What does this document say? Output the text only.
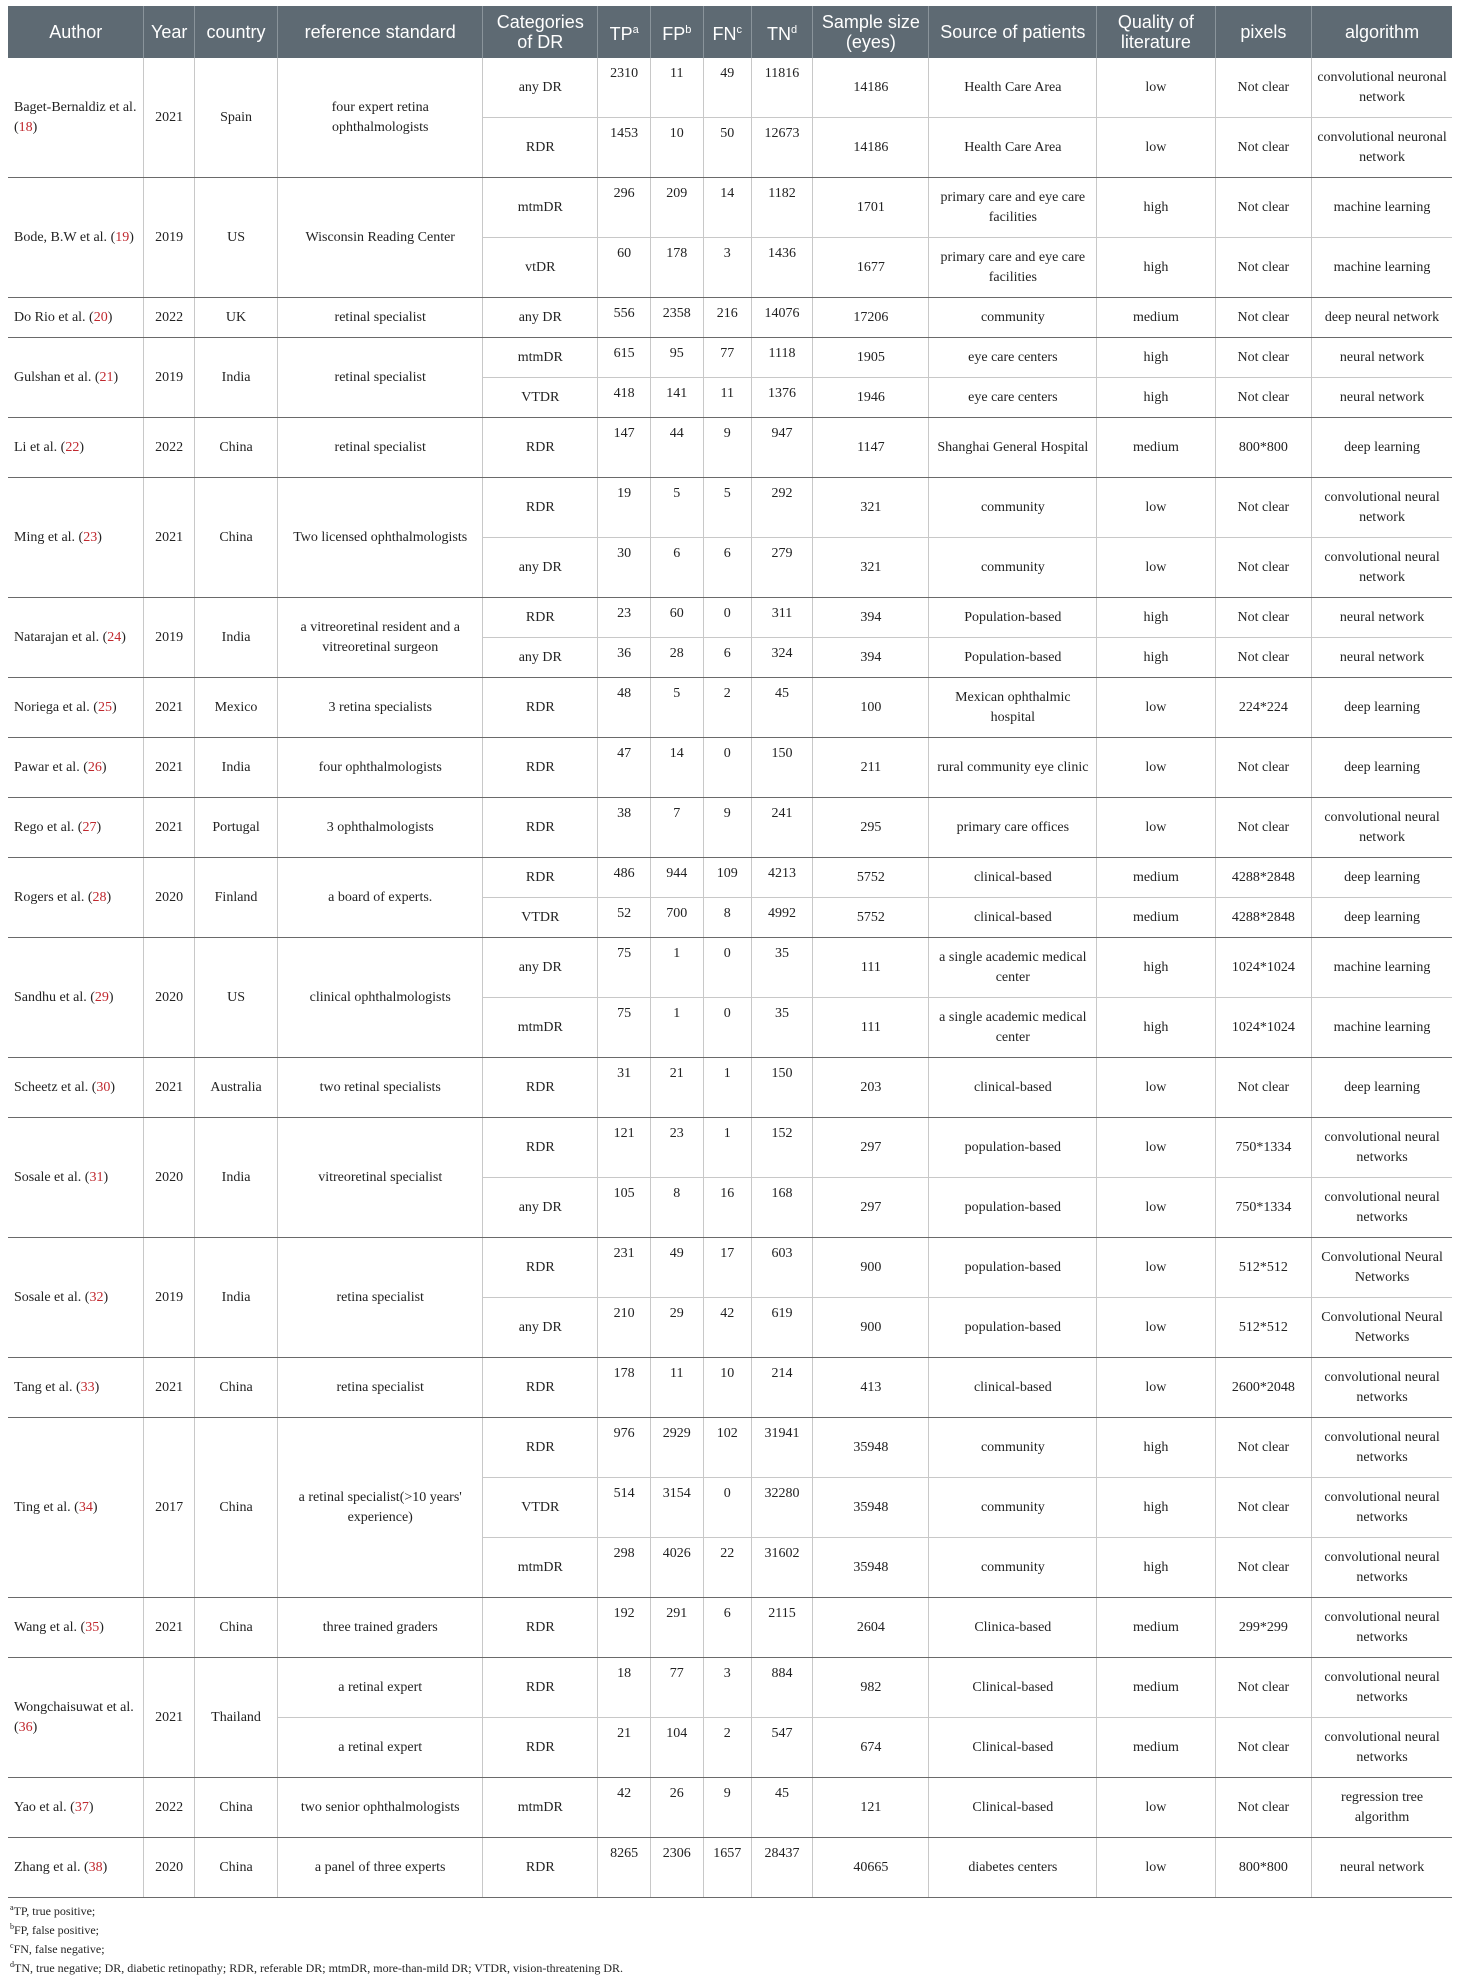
Author	Year	country	reference standard	Categories of DR	$TP^a$	$FP^b$	$FN^c$	$TN^d$	Sample size (eyes)	Source of patients	Quality of literature	pixels	algorithm
Baget-Bernaldiz et al. (18)	2021	Spain	four expert retina ophthalmologists	any DR	2310	11	49	11816	14186	Health Care Area	low	Not clear	convolutional neuronal network
				RDR	1453	10	50	12673	14186	Health Care Area	low	Not clear	convolutional neuronal network
Bode, B.W et al. (19)	2019	US	Wisconsin Reading Center	mtmDR	296	209	14	1182	1701	primary care and eye care facilities	high	Not clear	machine learning
				vtDR	60	178	3	1436	1677	primary care and eye care facilities	high	Not clear	machine learning
Do Rio et al. (20)	2022	UK	retinal specialist	any DR	556	2358	216	14076	17206	community	medium	Not clear	deep neural network
Gulshan et al. (21)	2019	India	retinal specialist	mtmDR	615	95	77	1118	1905	eye care centers	high	Not clear	neural network
				VTDR	418	141	11	1376	1946	eye care centers	high	Not clear	neural network
Li et al. (22)	2022	China	retinal specialist	RDR	147	44	9	947	1147	Shanghai General Hospital	medium	800*800	deep learning
Ming et al. (23)	2021	China	Two licensed ophthalmologists	RDR	19	5	5	292	321	community	low	Not clear	convolutional neural network
				any DR	30	6	6	279	321	community	low	Not clear	convolutional neural network
Natarajan et al. (24)	2019	India	a vitreoretinal resident and a vitreoretinal surgeon	RDR	23	60	0	311	394	Population-based	high	Not clear	neural network
				any DR	36	28	6	324	394	Population-based	high	Not clear	neural network
Noriega et al. (25)	2021	Mexico	3 retina specialists	RDR	48	5	2	45	100	Mexican ophthalmic hospital	low	224*224	deep learning
Pawar et al. (26)	2021	India	four ophthalmologists	RDR	47	14	0	150	211	rural community eye clinic	low	Not clear	deep learning
Rego et al. (27)	2021	Portugal	3 ophthalmologists	RDR	38	7	9	241	295	primary care offices	low	Not clear	convolutional neural network
Rogers et al. (28)	2020	Finland	a board of experts.	RDR	486	944	109	4213	5752	clinical-based	medium	4288*2848	deep learning
				VTDR	52	700	8	4992	5752	clinical-based	medium	4288*2848	deep learning
Sandhu et al. (29)	2020	US	clinical ophthalmologists	any DR	75	1	0	35	111	a single academic medical center	high	1024*1024	machine learning
				mtmDR	75	1	0	35	111	a single academic medical center	high	1024*1024	machine learning
Scheetz et al. (30)	2021	Australia	two retinal specialists	RDR	31	21	1	150	203	clinical-based	low	Not clear	deep learning
Sosale et al. (31)	2020	India	vitreoretinal specialist	RDR	121	23	1	152	297	population-based	low	750*1334	convolutional neural networks
				any DR	105	8	16	168	297	population-based	low	750*1334	convolutional neural networks
Sosale et al. (32)	2019	India	retina specialist	RDR	231	49	17	603	900	population-based	low	512*512	Convolutional Neural Networks
				any DR	210	29	42	619	900	population-based	low	512*512	Convolutional Neural Networks
Tang et al. (33)	2021	China	retina specialist	RDR	178	11	10	214	413	clinical-based	low	2600*2048	convolutional neural networks
Ting et al. (34)	2017	China	a retinal specialist(>10 years' experience)	RDR	976	2929	102	31941	35948	community	high	Not clear	convolutional neural networks
				VTDR	514	3154	0	32280	35948	community	high	Not clear	convolutional neural networks
				mtmDR	298	4026	22	31602	35948	community	high	Not clear	convolutional neural networks
Wang et al. (35)	2021	China	three trained graders	RDR	192	291	6	2115	2604	Clinica-based	medium	299*299	convolutional neural networks
Wongchaisuwat et al. (36)	2021	Thailand	a retinal expert	RDR	18	77	3	884	982	Clinical-based	medium	Not clear	convolutional neural networks
			a retinal expert	RDR	21	104	2	547	674	Clinical-based	medium	Not clear	convolutional neural networks
Yao et al. (37)	2022	China	two senior ophthalmologists	mtmDR	42	26	9	45	121	Clinical-based	low	Not clear	regression tree algorithm
Zhang et al. (38)	2020	China	a panel of three experts	RDR	8265	2306	1657	28437	40665	diabetes centers	low	800*800	neural network

$^a$TP, true positive;
$^b$FP, false positive;
$^c$FN, false negative;
$^d$TN, true negative; DR, diabetic retinopathy; RDR, referable DR; mtmDR, more-than-mild DR; VTDR, vision-threatening DR.													
